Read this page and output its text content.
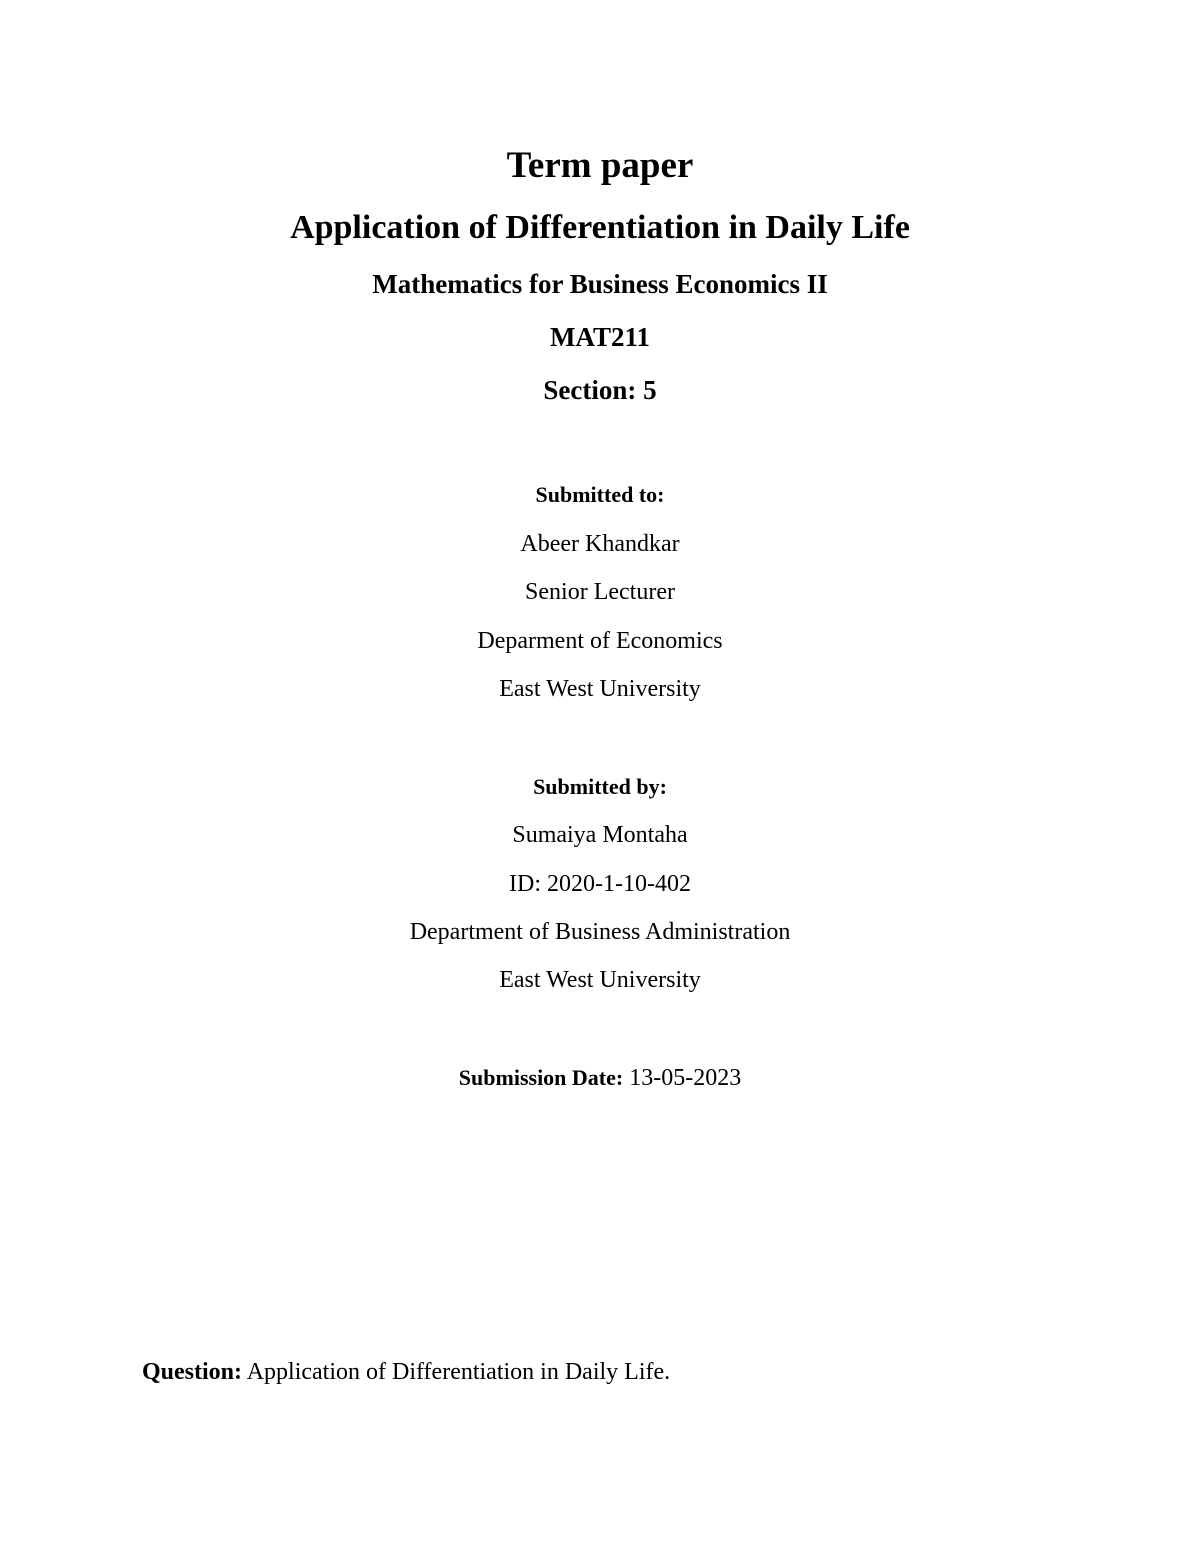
Term paper
Application of Differentiation in Daily Life
Mathematics for Business Economics II
MAT211
Section: 5
Submitted to:
Abeer Khandkar
Senior Lecturer
Deparment of Economics
East West University
Submitted by:
Sumaiya Montaha
ID: 2020-1-10-402
Department of Business Administration
East West University
Submission Date: 13-05-2023
Question: Application of Differentiation in Daily Life.
